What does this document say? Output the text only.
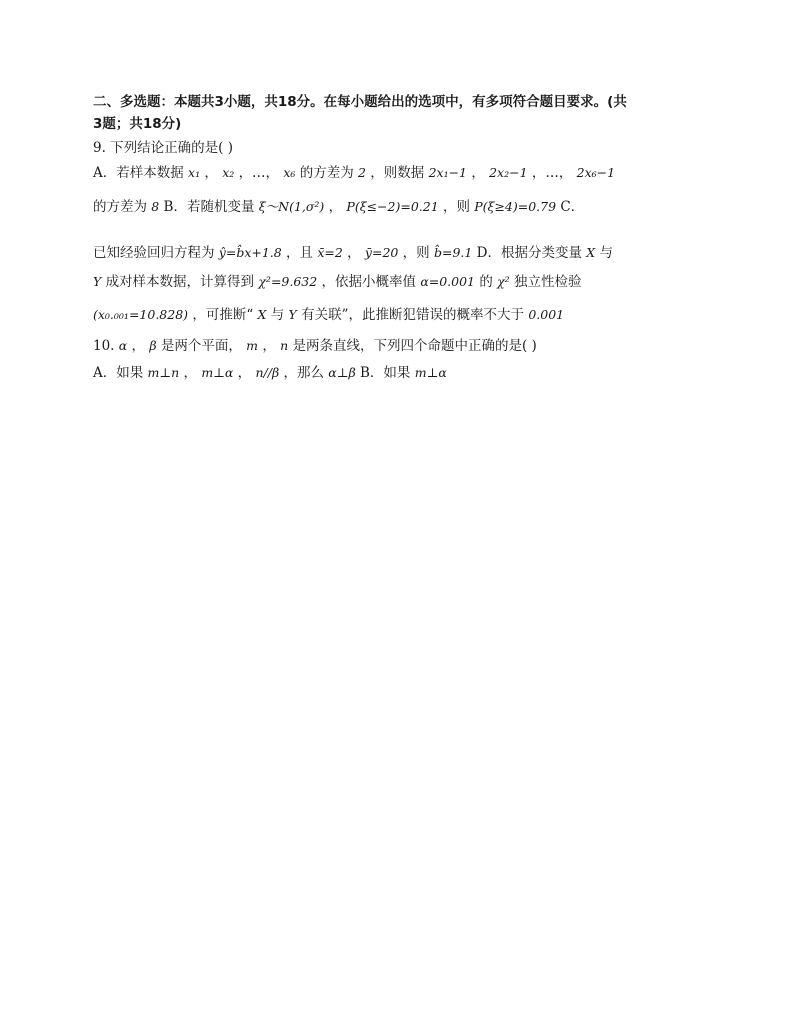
二、多选题：本题共3小题，共18分。在每小题给出的选项中，有多项符合题目要求。(共
3题；共18分)
9. 下列结论正确的是( )
A．若样本数据 x₁ ， x₂ ，…， x₆ 的方差为 2 ，则数据 2x₁−1 ， 2x₂−1 ，…， 2x₆−1
的方差为 8 B．若随机变量 ξ～N(1,σ²) ， P(ξ≤−2)=0.21 ，则 P(ξ≥4)=0.79 C．
已知经验回归方程为 ŷ=b̂x+1.8 ，且 x̄=2 ， ȳ=20 ，则 b̂=9.1 D．根据分类变量 X 与
Y 成对样本数据，计算得到 χ²=9.632 ，依据小概率值 α=0.001 的 χ² 独立性检验
(x₀.₀₀₁=10.828) ，可推断“ X 与 Y 有关联”，此推断犯错误的概率不大于 0.001
10. α ， β 是两个平面， m ， n 是两条直线，下列四个命题中正确的是( )
A．如果 m⊥n ， m⊥α ， n//β ，那么 α⊥β B．如果 m⊥α
